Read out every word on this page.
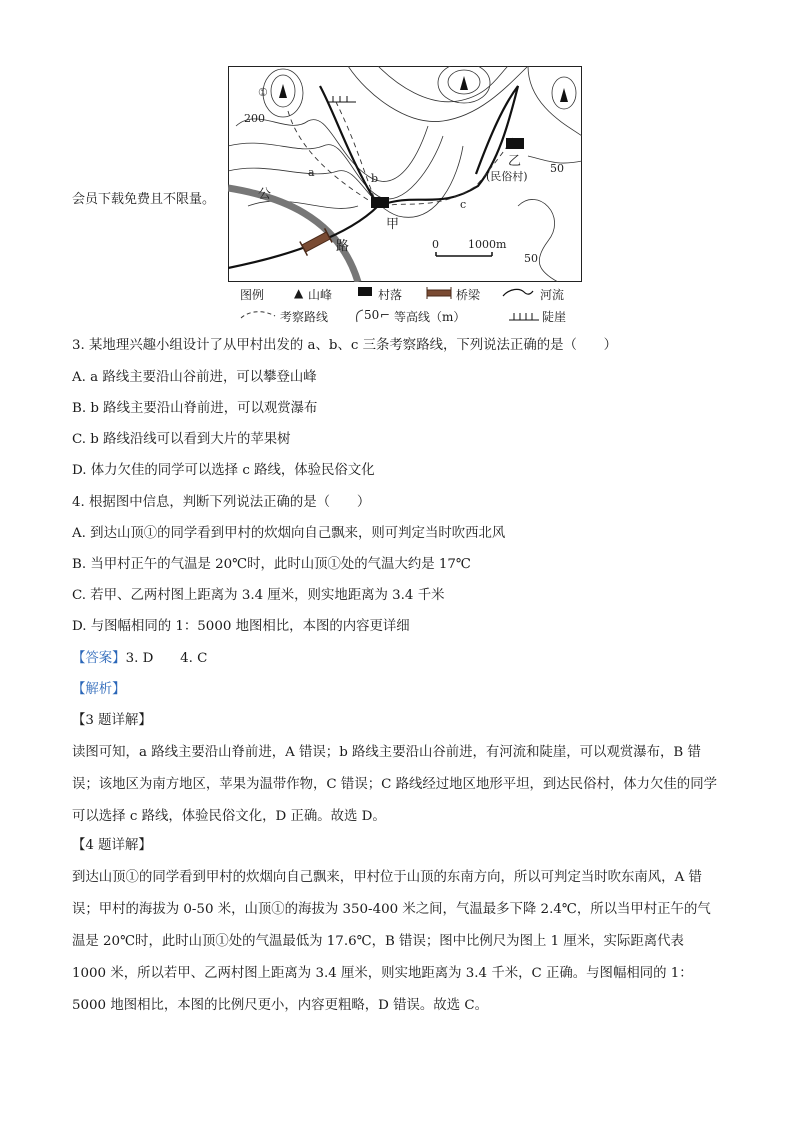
会员下载免费且不限量。
①
200
50
50
a	b
c
甲
乙
(民俗村)
公
路	0	1000m
图例 ▲ 山峰	村落	桥梁	河流
考察路线	50 ⌐ 等高线（m）	陡崖
3. 某地理兴趣小组设计了从甲村出发的 a、b、c 三条考察路线，下列说法正确的是（　　）
A. a 路线主要沿山谷前进，可以攀登山峰
B. b 路线主要沿山脊前进，可以观赏瀑布
C. b 路线沿线可以看到大片的苹果树
D. 体力欠佳的同学可以选择 c 路线，体验民俗文化
4. 根据图中信息，判断下列说法正确的是（　　）
A. 到达山顶①的同学看到甲村的炊烟向自己飘来，则可判定当时吹西北风
B. 当甲村正午的气温是 20℃时，此时山顶①处的气温大约是 17℃
C. 若甲、乙两村图上距离为 3.4 厘米，则实地距离为 3.4 千米
D. 与图幅相同的 1：5000 地图相比，本图的内容更详细
【答案】3. D　　4. C
【解析】
【3 题详解】
读图可知，a 路线主要沿山脊前进，A 错误；b 路线主要沿山谷前进，有河流和陡崖，可以观赏瀑布，B 错误；该地区为南方地区，苹果为温带作物，C 错误；C 路线经过地区地形平坦，到达民俗村，体力欠佳的同学可以选择 c 路线，体验民俗文化，D 正确。故选 D。
【4 题详解】
到达山顶①的同学看到甲村的炊烟向自己飘来，甲村位于山顶的东南方向，所以可判定当时吹东南风，A 错误；甲村的海拔为 0-50 米，山顶①的海拔为 350-400 米之间，气温最多下降 2.4℃，所以当甲村正午的气温是 20℃时，此时山顶①处的气温最低为 17.6℃，B 错误；图中比例尺为图上 1 厘米，实际距离代表 1000 米，所以若甲、乙两村图上距离为 3.4 厘米，则实地距离为 3.4 千米，C 正确。与图幅相同的 1：5000 地图相比，本图的比例尺更小，内容更粗略，D 错误。故选 C。
